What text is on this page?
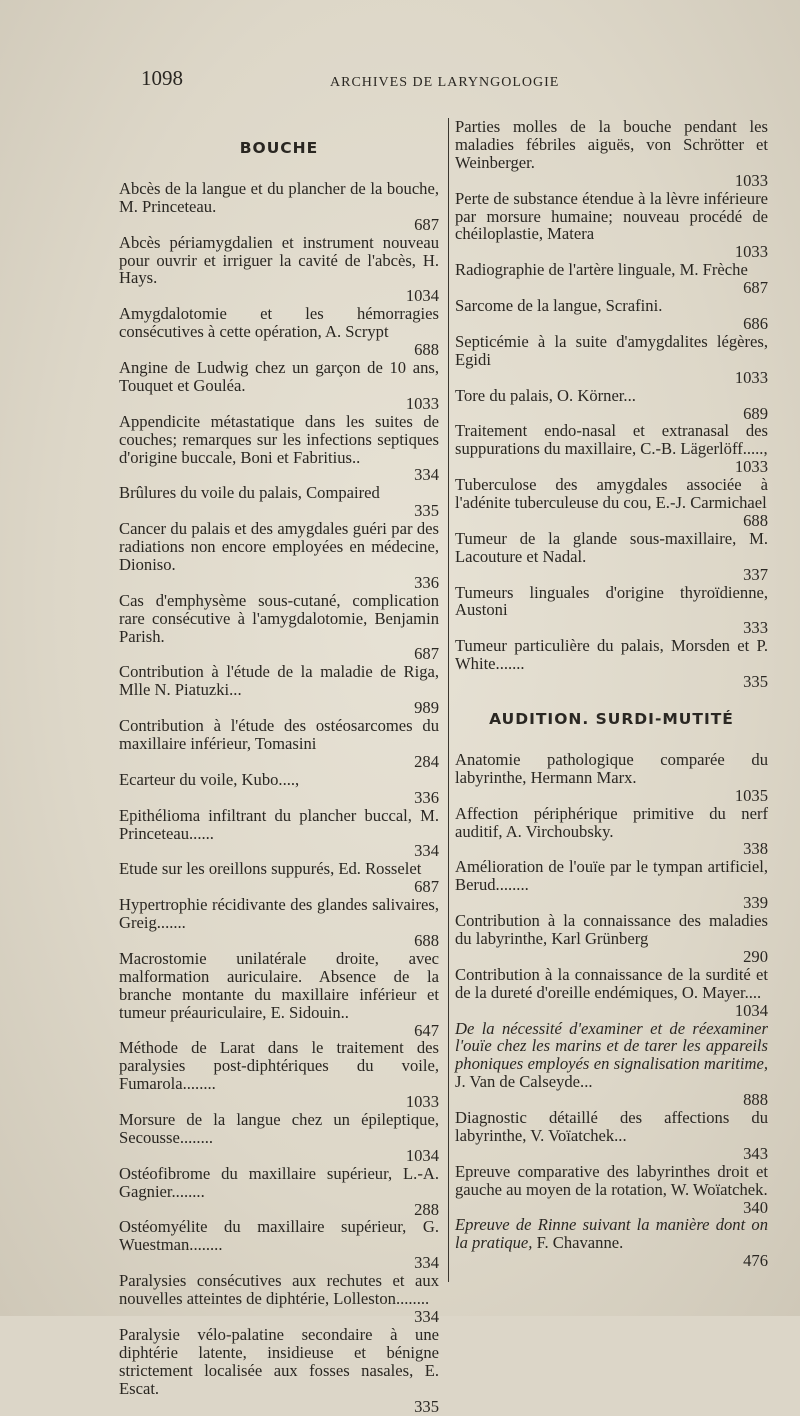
1098	ARCHIVES DE LARYNGOLOGIE
BOUCHE
Abcès de la langue et du plancher de la bouche, M. Princeteau.
687
Abcès périamygdalien et instrument nouveau pour ouvrir et irriguer la cavité de l'abcès, H. Hays.
1034
Amygdalotomie et les hémorragies consécutives à cette opération, A. Scrypt
688
Angine de Ludwig chez un garçon de 10 ans, Touquet et Gouléa.
1033
Appendicite métastatique dans les suites de couches; remarques sur les infections septiques d'origine buccale, Boni et Fabritius..
334
Brûlures du voile du palais, Compaired
335
Cancer du palais et des amygdales guéri par des radiations non encore employées en médecine, Dioniso.
336
Cas d'emphysème sous-cutané, complication rare consécutive à l'amygdalotomie, Benjamin Parish.
687
Contribution à l'étude de la maladie de Riga, Mlle N. Piatuzki...
989
Contribution à l'étude des ostéosarcomes du maxillaire inférieur, Tomasini
284
Ecarteur du voile, Kubo....,
336
Epithélioma infiltrant du plancher buccal, M. Princeteau......
334
Etude sur les oreillons suppurés, Ed. Rosselet
687
Hypertrophie récidivante des glandes salivaires, Greig.......
688
Macrostomie unilatérale droite, avec malformation auriculaire. Absence de la branche montante du maxillaire inférieur et tumeur préauriculaire, E. Sidouin..
647
Méthode de Larat dans le traitement des paralysies post-diphtériques du voile, Fumarola........
1033
Morsure de la langue chez un épileptique, Secousse........
1034
Ostéofibrome du maxillaire supérieur, L.-A. Gagnier........
288
Ostéomyélite du maxillaire supérieur, G. Wuestman........
334
Paralysies consécutives aux rechutes et aux nouvelles atteintes de diphtérie, Lolleston........
334
Paralysie vélo-palatine secondaire à une diphtérie latente, insidieuse et bénigne strictement localisée aux fosses nasales, E. Escat.
335
Parties molles de la bouche pendant les maladies fébriles aiguës, von Schrötter et Weinberger.
1033
Perte de substance étendue à la lèvre inférieure par morsure humaine; nouveau procédé de chéiloplastie, Matera
1033
Radiographie de l'artère linguale, M. Frèche
687
Sarcome de la langue, Scrafini.
686
Septicémie à la suite d'amygdalites légères, Egidi
1033
Tore du palais, O. Körner...
689
Traitement endo-nasal et extranasal des suppurations du maxillaire, C.-B. Lägerlöff.....,
1033
Tuberculose des amygdales associée à l'adénite tuberculeuse du cou, E.-J. Carmichael
688
Tumeur de la glande sous-maxillaire, M. Lacouture et Nadal.
337
Tumeurs linguales d'origine thyroïdienne, Austoni
333
Tumeur particulière du palais, Morsden et P. White.......
335
AUDITION. SURDI-MUTITÉ
Anatomie pathologique comparée du labyrinthe, Hermann Marx.
1035
Affection périphérique primitive du nerf auditif, A. Virchoubsky.
338
Amélioration de l'ouïe par le tympan artificiel, Berud........
339
Contribution à la connaissance des maladies du labyrinthe, Karl Grünberg
290
Contribution à la connaissance de la surdité et de la dureté d'oreille endémiques, O. Mayer....
1034
De la nécessité d'examiner et de réexaminer l'ouïe chez les marins et de tarer les appareils phoniques employés en signalisation maritime, J. Van de Calseyde...
888
Diagnostic détaillé des affections du labyrinthe, V. Voïatchek...
343
Epreuve comparative des labyrinthes droit et gauche au moyen de la rotation, W. Woïatchek.
340
Epreuve de Rinne suivant la manière dont on la pratique, F. Chavanne.
476
